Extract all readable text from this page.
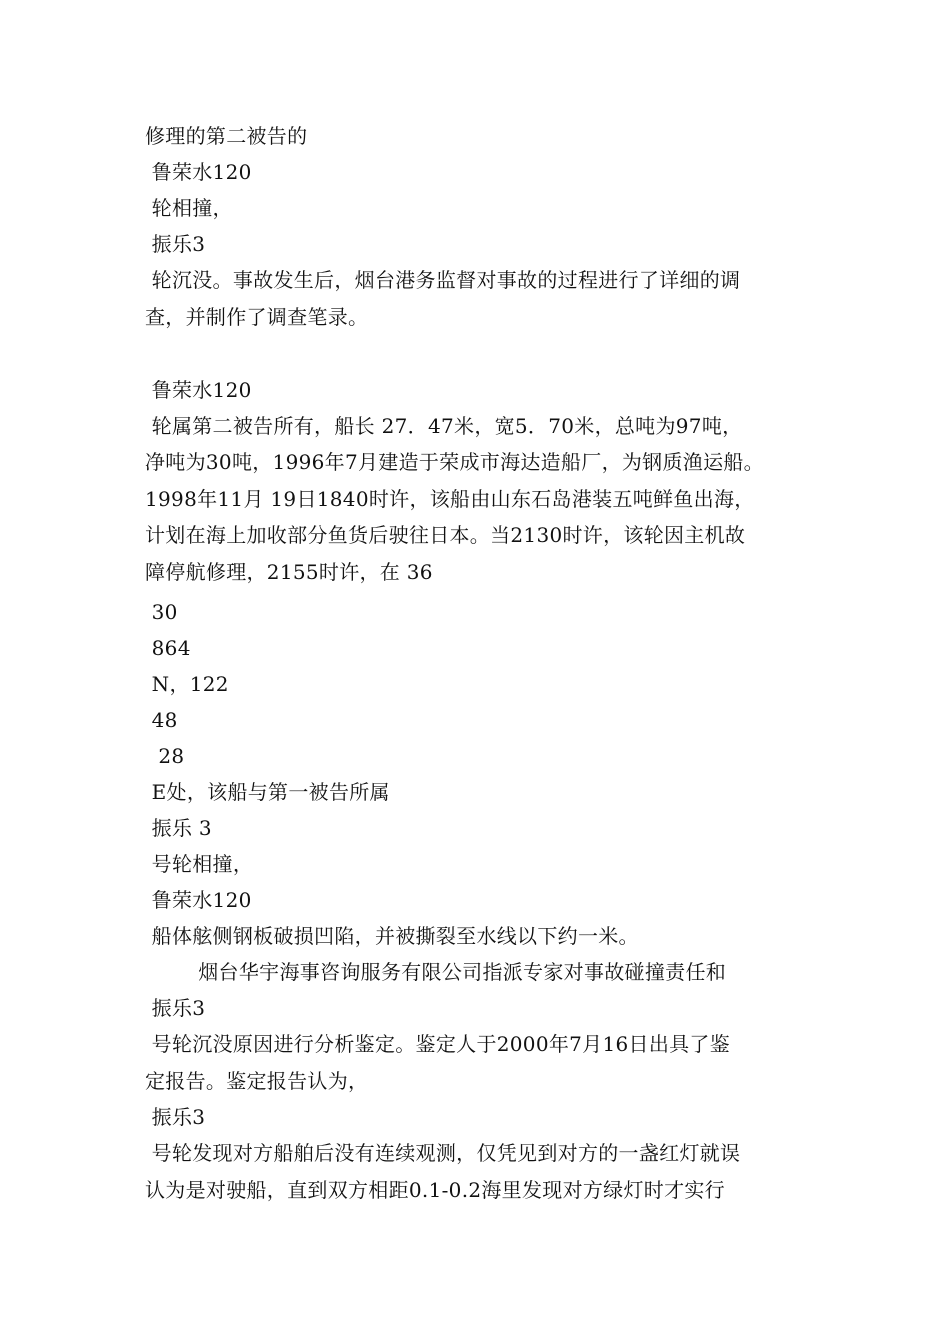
修理的第二被告的
鲁荣水120
轮相撞，
振乐3
轮沉没。事故发生后，烟台港务监督对事故的过程进行了详细的调
查，并制作了调查笔录。
鲁荣水120
轮属第二被告所有，船长 27．47米，宽5．70米，总吨为97吨，
净吨为30吨，1996年7月建造于荣成市海达造船厂，为钢质渔运船。
1998年11月 19日1840时许，该船由山东石岛港装五吨鲜鱼出海，
计划在海上加收部分鱼货后驶往日本。当2130时许，该轮因主机故
障停航修理，2155时许，在 36
30
864
N，122
48
28
E处，该船与第一被告所属
振乐 3
号轮相撞，
鲁荣水120
船体舷侧钢板破损凹陷，并被撕裂至水线以下约一米。
烟台华宇海事咨询服务有限公司指派专家对事故碰撞责任和
振乐3
号轮沉没原因进行分析鉴定。鉴定人于2000年7月16日出具了鉴
定报告。鉴定报告认为，
振乐3
号轮发现对方船舶后没有连续观测，仅凭见到对方的一盏红灯就误
认为是对驶船，直到双方相距0.1-0.2海里发现对方绿灯时才实行
